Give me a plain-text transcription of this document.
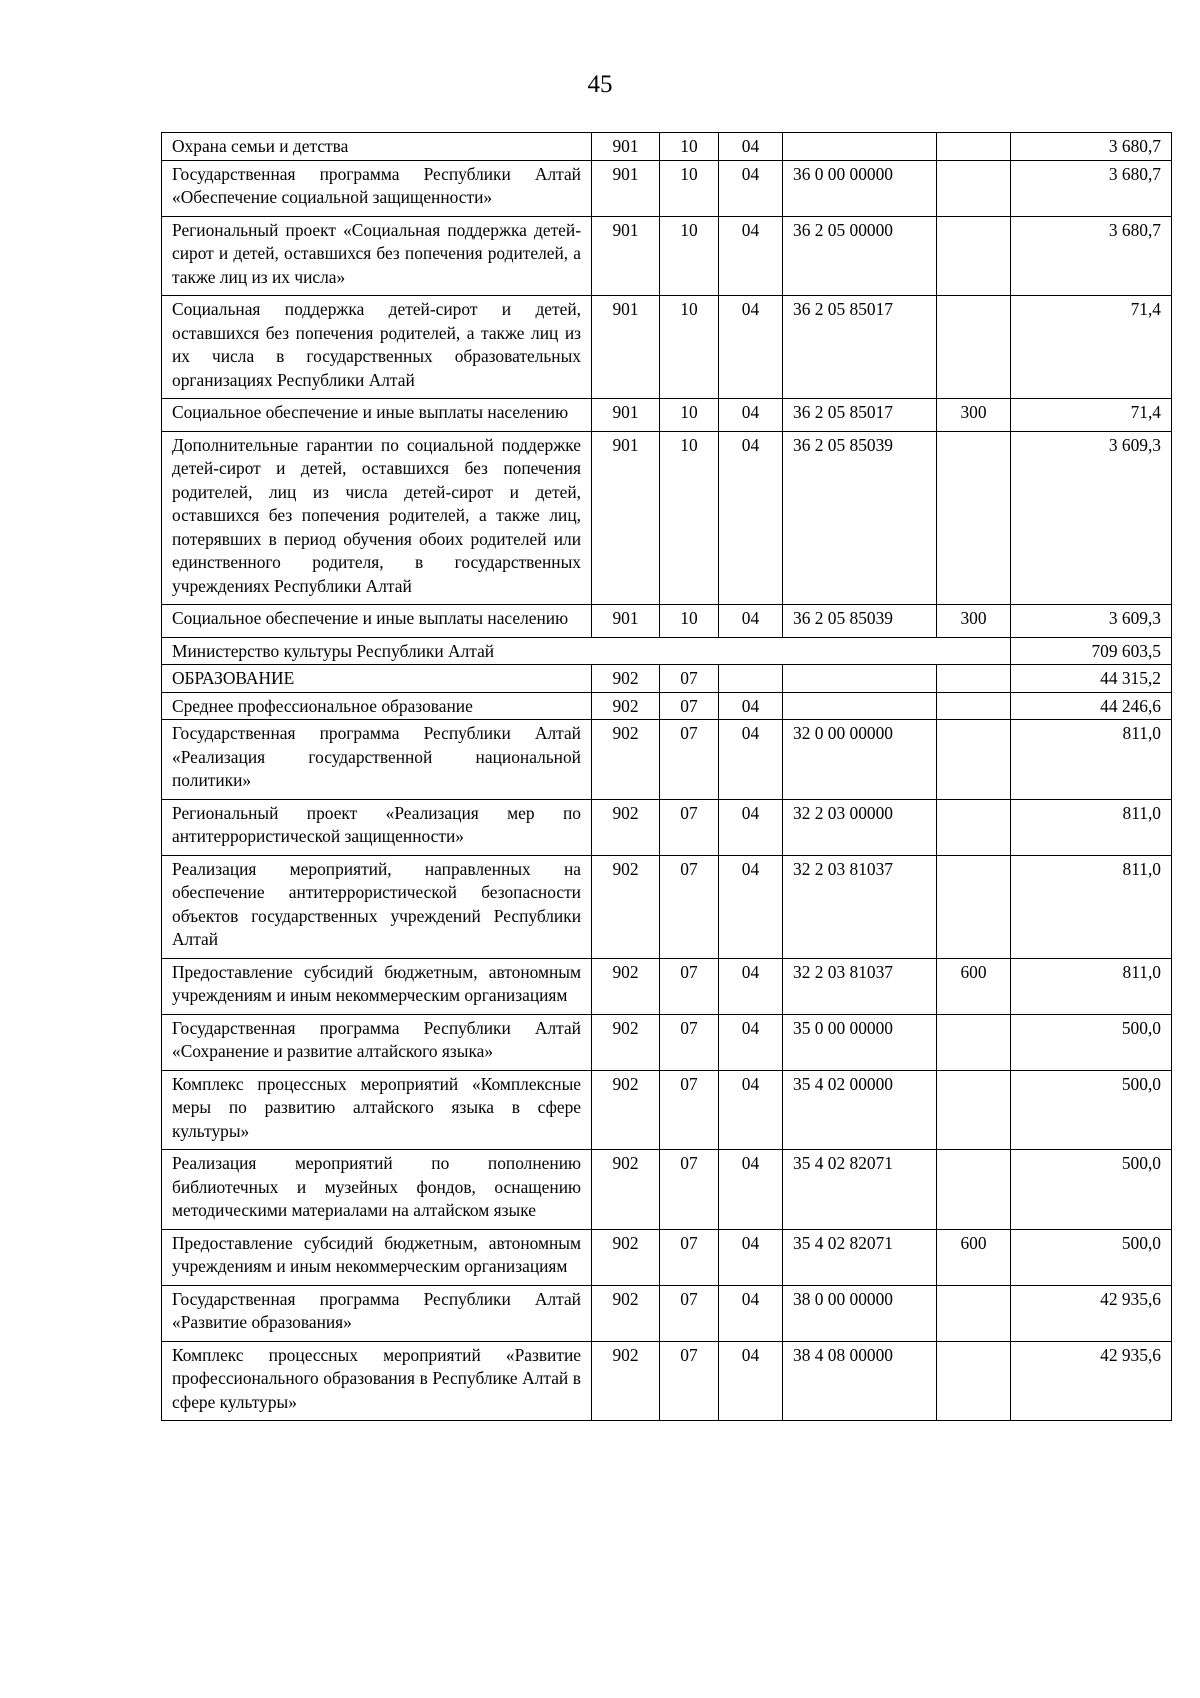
45
Охрана семьи и детства	901	10	04			3 680,7
Государственная программа Республики Алтай «Обеспечение социальной защищенности»	901	10	04	36 0 00 00000		3 680,7
Региональный проект «Социальная поддержка детей-сирот и детей, оставшихся без попечения родителей, а также лиц из их числа»	901	10	04	36 2 05 00000		3 680,7
Социальная поддержка детей-сирот и детей, оставшихся без попечения родителей, а также лиц из их числа в государственных образовательных организациях Республики Алтай	901	10	04	36 2 05 85017		71,4
Социальное обеспечение и иные выплаты населению	901	10	04	36 2 05 85017	300	71,4
Дополнительные гарантии по социальной поддержке детей-сирот и детей, оставшихся без попечения родителей, лиц из числа детей-сирот и детей, оставшихся без попечения родителей, а также лиц, потерявших в период обучения обоих родителей или единственного родителя, в государственных учреждениях Республики Алтай	901	10	04	36 2 05 85039		3 609,3
Социальное обеспечение и иные выплаты населению	901	10	04	36 2 05 85039	300	3 609,3
Министерство культуры Республики Алтай						709 603,5
ОБРАЗОВАНИЕ	902	07				44 315,2
Среднее профессиональное образование	902	07	04			44 246,6
Государственная программа Республики Алтай «Реализация государственной национальной политики»	902	07	04	32 0 00 00000		811,0
Региональный проект «Реализация мер по антитеррористической защищенности»	902	07	04	32 2 03 00000		811,0
Реализация мероприятий, направленных на обеспечение антитеррористической безопасности объектов государственных учреждений Республики Алтай	902	07	04	32 2 03 81037		811,0
Предоставление субсидий бюджетным, автономным учреждениям и иным некоммерческим организациям	902	07	04	32 2 03 81037	600	811,0
Государственная программа Республики Алтай «Сохранение и развитие алтайского языка»	902	07	04	35 0 00 00000		500,0
Комплекс процессных мероприятий «Комплексные меры по развитию алтайского языка в сфере культуры»	902	07	04	35 4 02 00000		500,0
Реализация мероприятий по пополнению библиотечных и музейных фондов, оснащению методическими материалами на алтайском языке	902	07	04	35 4 02 82071		500,0
Предоставление субсидий бюджетным, автономным учреждениям и иным некоммерческим организациям	902	07	04	35 4 02 82071	600	500,0
Государственная программа Республики Алтай «Развитие образования»	902	07	04	38 0 00 00000		42 935,6
Комплекс процессных мероприятий «Развитие профессионального образования в Республике Алтай в сфере культуры»	902	07	04	38 4 08 00000		42 935,6
